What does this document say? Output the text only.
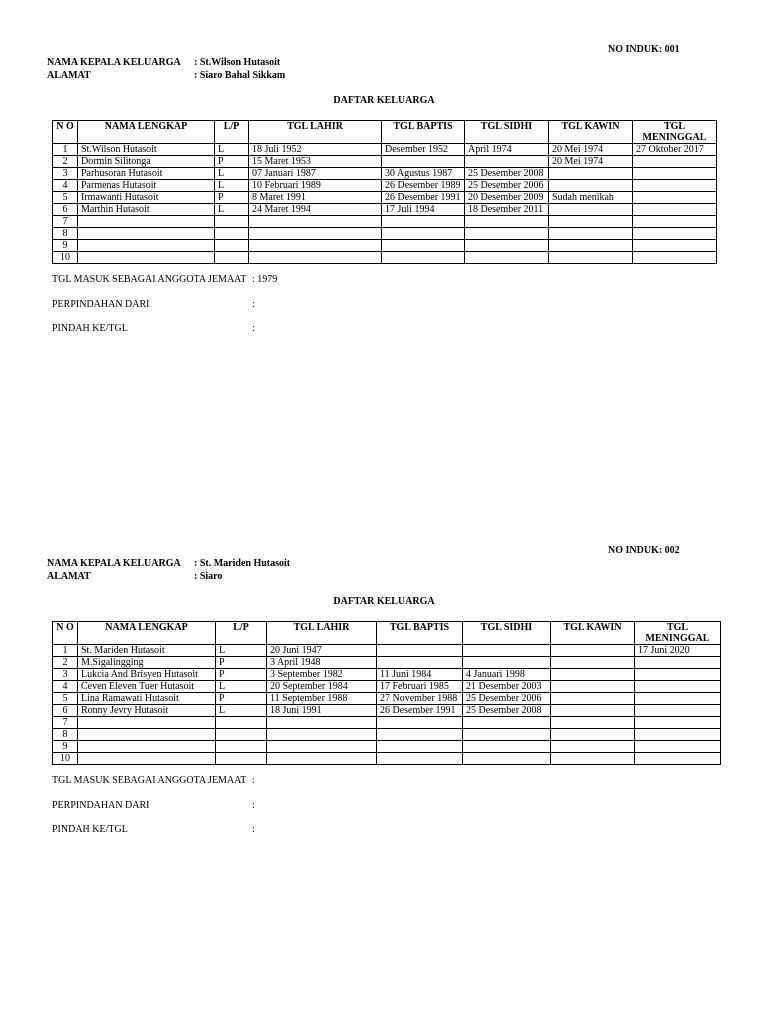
NO INDUK: 001
NAMA KEPALA KELUARGA : St.Wilson Hutasoit
ALAMAT	: Siaro Bahal Sikkam
DAFTAR KELUARGA
N O	NAMA LENGKAP	L/P	TGL LAHIR	TGL BAPTIS	TGL SIDHI	TGL KAWIN	TGL MENINGGAL
1	St.Wilson Hutasoit	L	18 Juli 1952	Desember 1952	April 1974	20 Mei 1974	27 Oktober 2017
2	Dormin Silitonga	P	15 Maret 1953			20 Mei 1974	
3	Parhusoran Hutasoit	L	07 Januari 1987	30 Agustus 1987	25 Desember 2008		
4	Parmenas Hutasoit	L	10 Februari 1989	26 Desember 1989	25 Desember 2006		
5	Irmawanti Hutasoit	P	8 Maret 1991	26 Desember 1991	20 Desember 2009	Sudah menikah	
6	Marthin Hutasoit	L	24 Maret 1994	17 Juli 1994	18 Desember 2011		
7							
8							
9							
10							
TGL MASUK SEBAGAI ANGGOTA JEMAAT : 1979
PERPINDAHAN DARI	:
PINDAH KE/TGL	:
NO INDUK: 002
NAMA KEPALA KELUARGA : St. Mariden Hutasoit
ALAMAT	: Siaro
DAFTAR KELUARGA
N O	NAMA LENGKAP	L/P	TGL LAHIR	TGL BAPTIS	TGL SIDHI	TGL KAWIN	TGL MENINGGAL
1	St. Mariden Hutasoit	L	20 Juni 1947				17 Juni 2020
2	M.Sigalingging	P	3 April 1948				
3	Lukcia And Brisyen Hutasoit	P	3 September 1982	11 Juni 1984	4 Januari 1998		
4	Ceven Eleven Tuer Hutasoit	L	20 September 1984	17 Februari 1985	21 Desember 2003		
5	Lina Ramawati Hutasoit	P	11 September 1988	27 November 1988	25 Desember 2006		
6	Ronny Jevry Hutasoit	L	18 Juni 1991	26 Desember 1991	25 Desember 2008		
7							
8							
9							
10							
TGL MASUK SEBAGAI ANGGOTA JEMAAT :
PERPINDAHAN DARI	:
PINDAH KE/TGL	:
